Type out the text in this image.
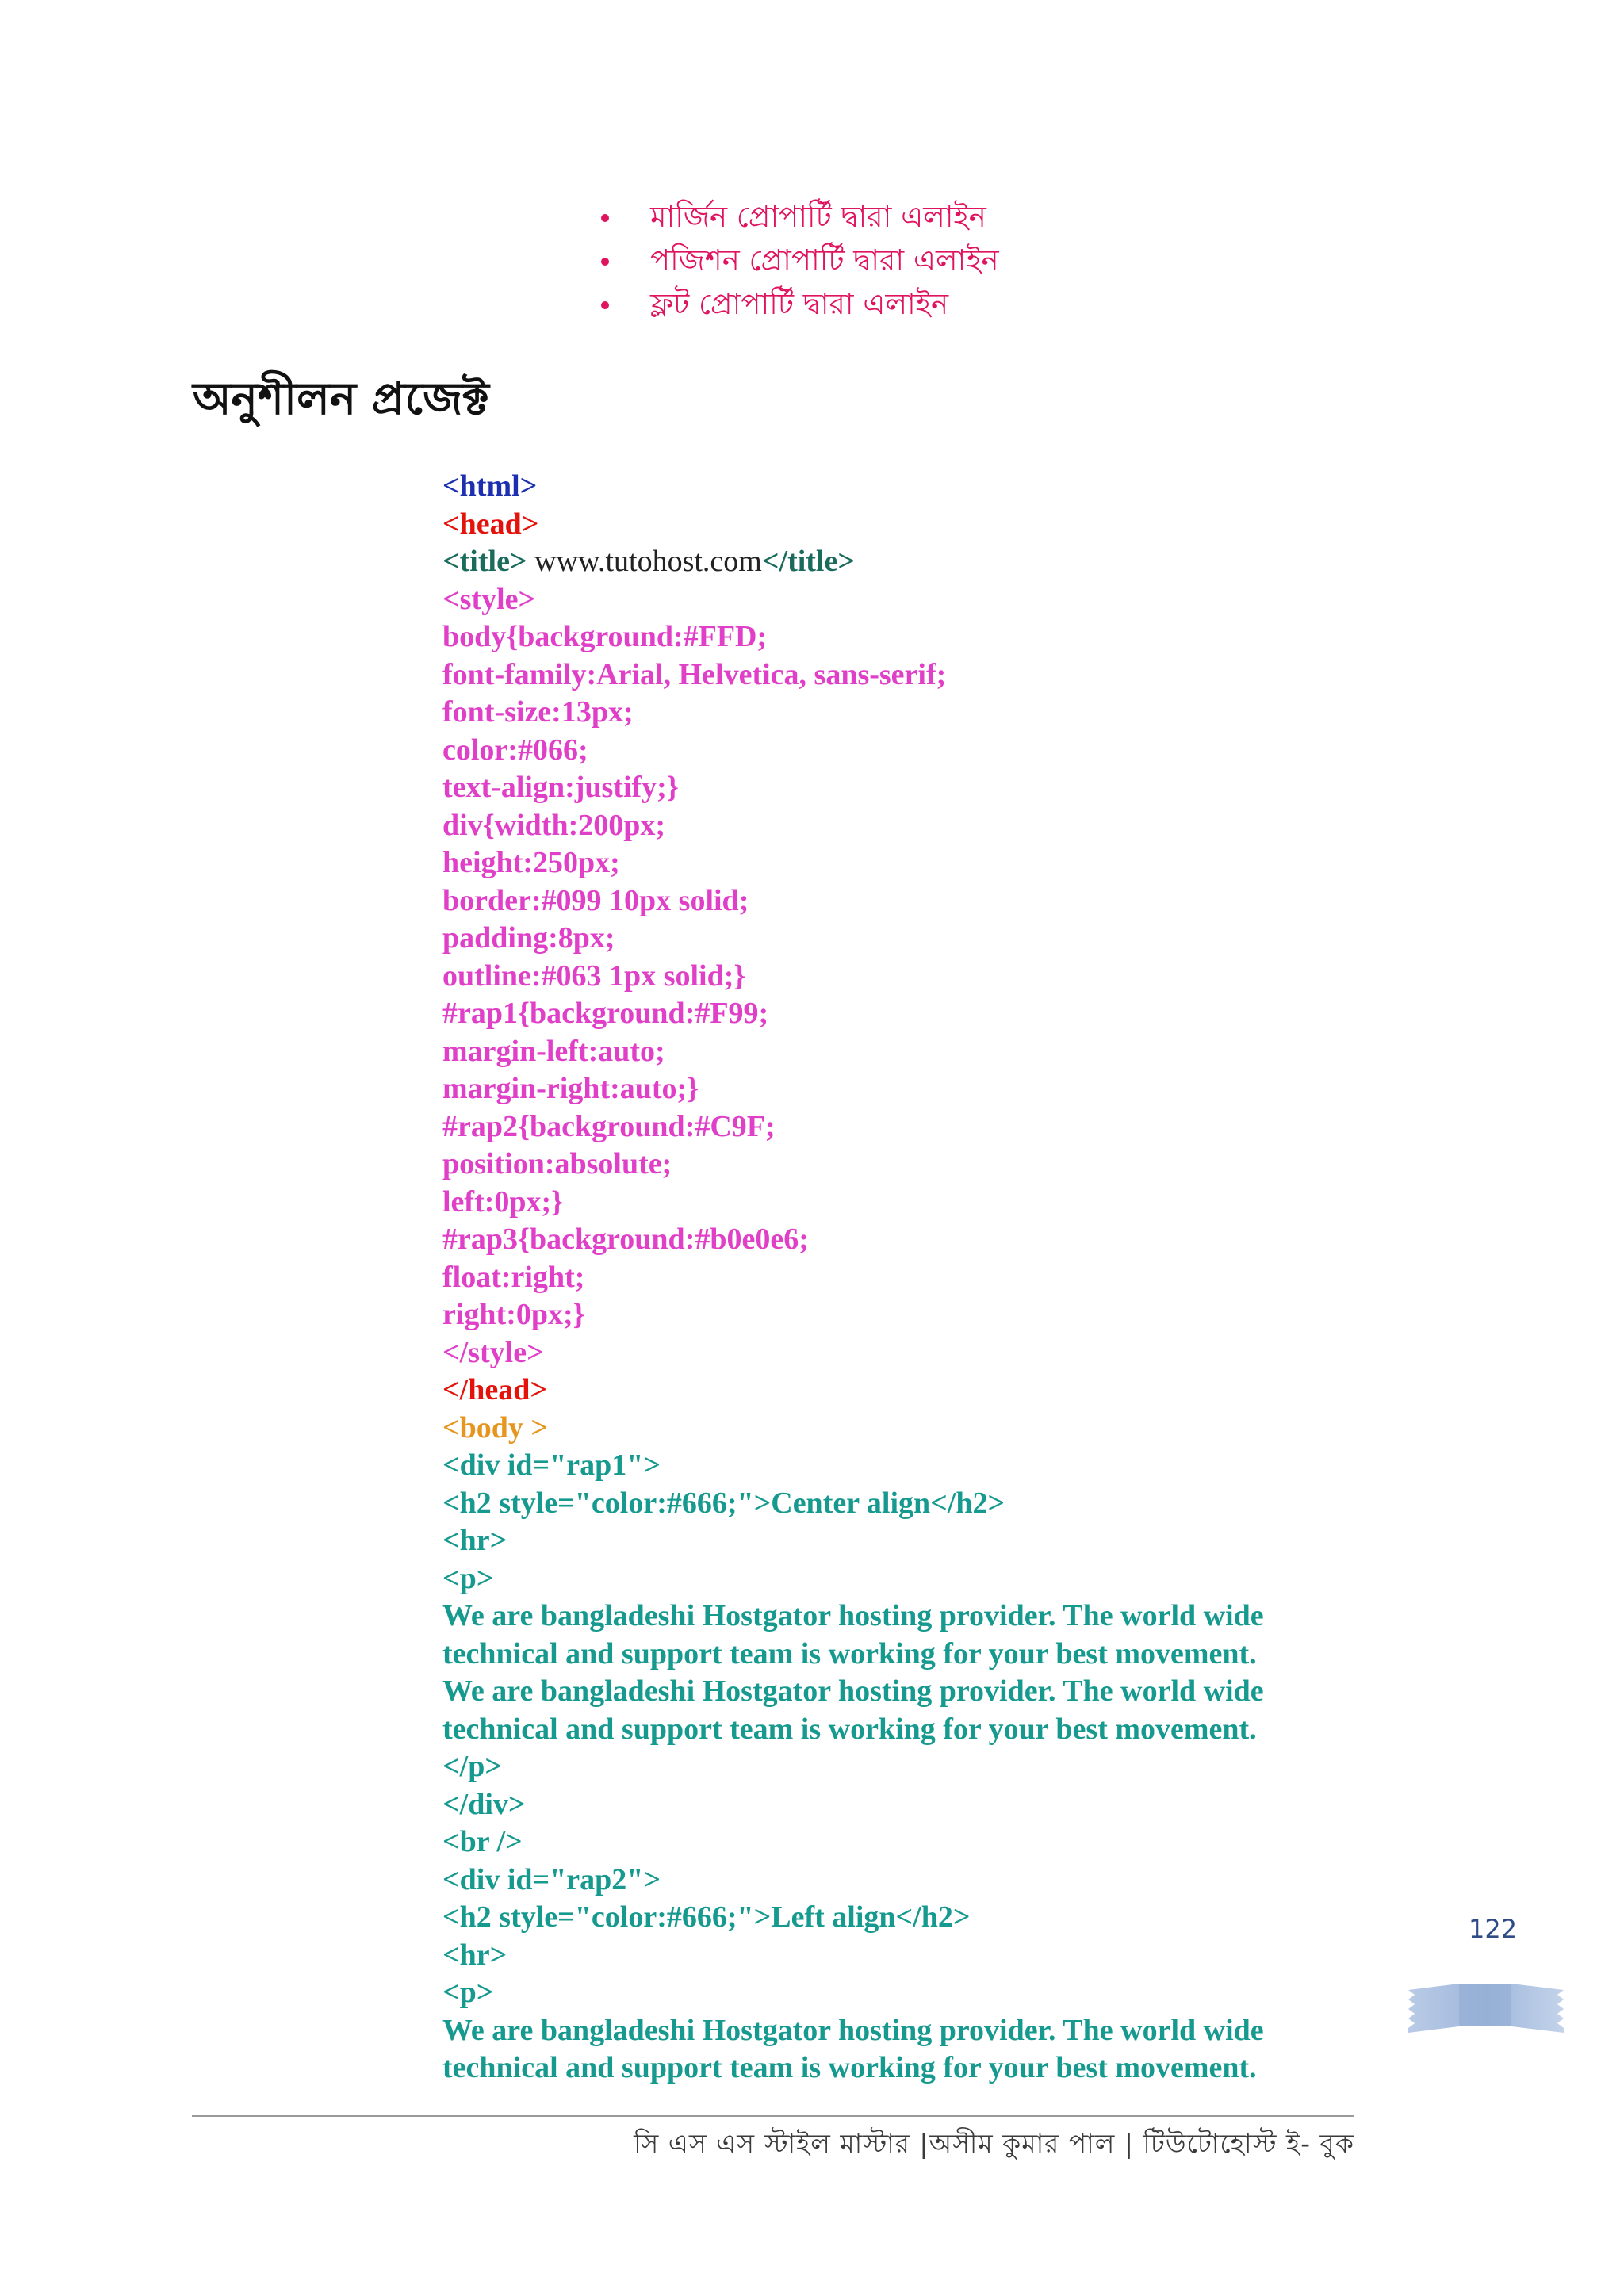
মার্জিন প্রোপার্টি দ্বারা এলাইন
পজিশন প্রোপার্টি দ্বারা এলাইন
ফ্লট প্রোপার্টি দ্বারা এলাইন
অনুশীলন প্রজেক্ট
<html>
<head>
<title> www.tutohost.com</title>
<style>
body{background:#FFD;
font-family:Arial, Helvetica, sans-serif;
font-size:13px;
color:#066;
text-align:justify;}
div{width:200px;
height:250px;
border:#099 10px solid;
padding:8px;
outline:#063 1px solid;}
#rap1{background:#F99;
margin-left:auto;
margin-right:auto;}
#rap2{background:#C9F;
position:absolute;
left:0px;}
#rap3{background:#b0e0e6;
float:right;
right:0px;}
</style>
</head>
<body >
<div id="rap1">
<h2 style="color:#666;">Center align</h2>
<hr>
<p>
We are bangladeshi Hostgator hosting provider. The world wide
technical and support team is working for your best movement.
We are bangladeshi Hostgator hosting provider. The world wide
technical and support team is working for your best movement.
</p>
</div>
<br />
<div id="rap2">
<h2 style="color:#666;">Left align</h2>
<hr>
<p>
We are bangladeshi Hostgator hosting provider. The world wide
technical and support team is working for your best movement.
122
সি এস এস স্টাইল মাস্টার |অসীম কুমার পাল | টিউটোহোস্ট ই- বুক
